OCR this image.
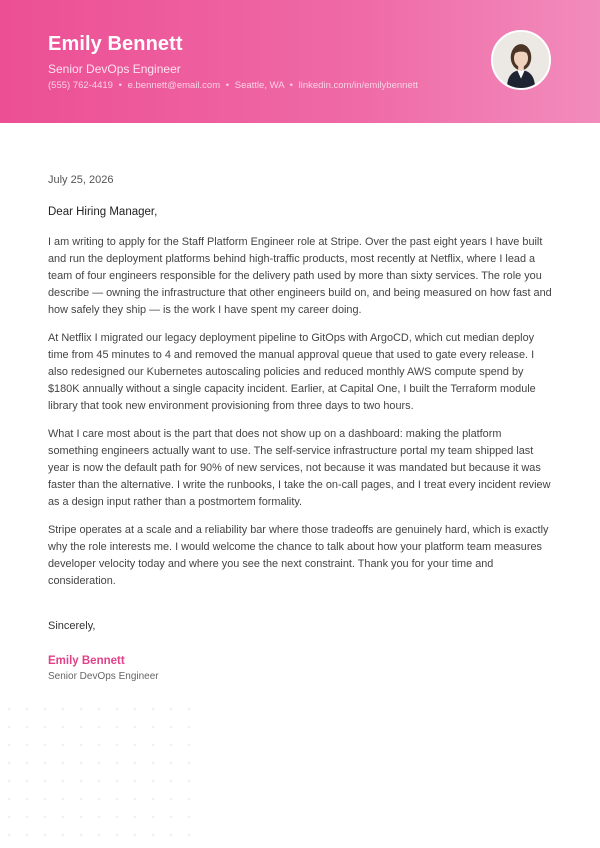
Emily Bennett
Senior DevOps Engineer
(555) 762-4419 • e.bennett@email.com • Seattle, WA • linkedin.com/in/emilybennett
July 25, 2026
Dear Hiring Manager,

I am writing to apply for the Staff Platform Engineer role at Stripe. Over the past eight years I have built and run the deployment platforms behind high-traffic products, most recently at Netflix, where I lead a team of four engineers responsible for the delivery path used by more than sixty services. The role you describe — owning the infrastructure that other engineers build on, and being measured on how fast and how safely they ship — is the work I have spent my career doing.

At Netflix I migrated our legacy deployment pipeline to GitOps with ArgoCD, which cut median deploy time from 45 minutes to 4 and removed the manual approval queue that used to gate every release. I also redesigned our Kubernetes autoscaling policies and reduced monthly AWS compute spend by $180K annually without a single capacity incident. Earlier, at Capital One, I built the Terraform module library that took new environment provisioning from three days to two hours.

What I care most about is the part that does not show up on a dashboard: making the platform something engineers actually want to use. The self-service infrastructure portal my team shipped last year is now the default path for 90% of new services, not because it was mandated but because it was faster than the alternative. I write the runbooks, I take the on-call pages, and I treat every incident review as a design input rather than a postmortem formality.

Stripe operates at a scale and a reliability bar where those tradeoffs are genuinely hard, which is exactly why the role interests me. I would welcome the chance to talk about how your platform team measures developer velocity today and where you see the next constraint. Thank you for your time and consideration.

Sincerely,
Emily Bennett
Senior DevOps Engineer
